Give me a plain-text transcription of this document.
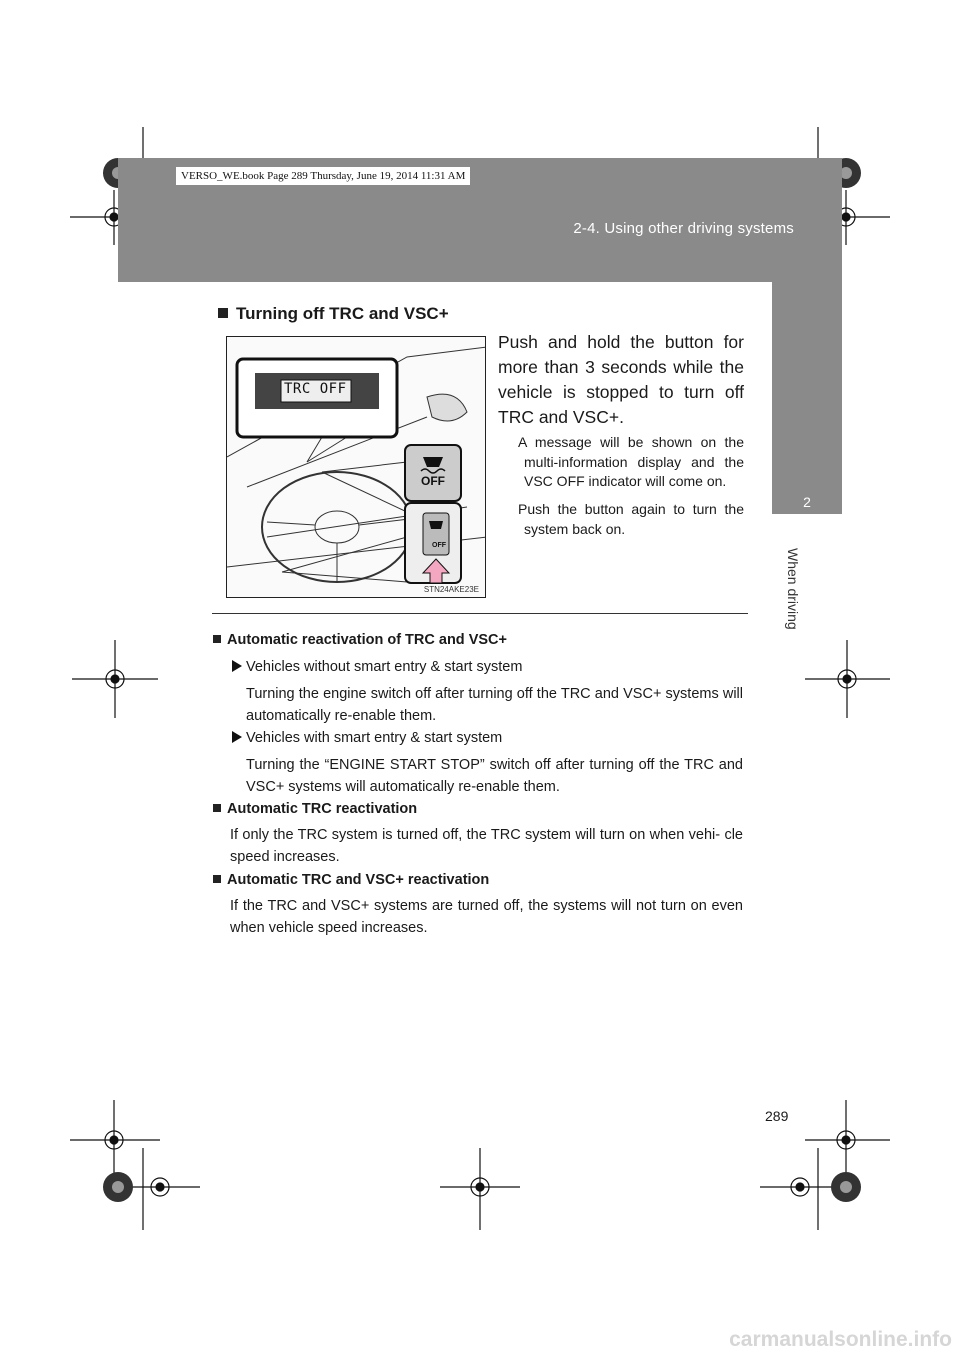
VERSO_WE.book Page 289 Thursday, June 19, 2014 11:31 AM
2-4. Using other driving systems
2
When driving
Turning off TRC and VSC+
TRC OFF
OFF
OFF
STN24AKE23E
Push and hold the button for more than 3 seconds while the vehicle is stopped to turn off TRC and VSC+.
A message will be shown on the multi-information display and the VSC OFF indicator will come on.
Push the button again to turn the system back on.
Automatic reactivation of TRC and VSC+
Vehicles without smart entry & start system
Turning the engine switch off after turning off the TRC and VSC+ systems will automatically re-enable them.
Vehicles with smart entry & start system
Turning the “ENGINE START STOP” switch off after turning off the TRC and VSC+ systems will automatically re-enable them.
Automatic TRC reactivation
If only the TRC system is turned off, the TRC system will turn on when vehi- cle speed increases.
Automatic TRC and VSC+ reactivation
If the TRC and VSC+ systems are turned off, the systems will not turn on even when vehicle speed increases.
289
carmanualsonline.info
